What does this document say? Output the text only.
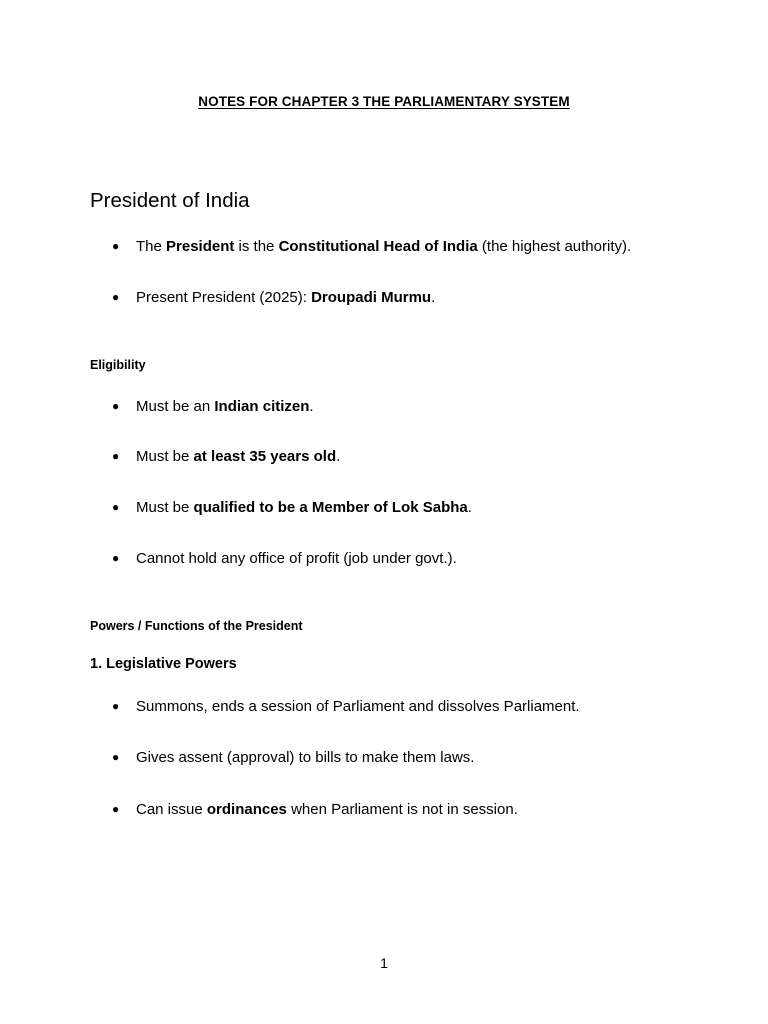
NOTES FOR CHAPTER 3 THE PARLIAMENTARY SYSTEM
President of India
● The President is the Constitutional Head of India (the highest authority).
● Present President (2025): Droupadi Murmu.
Eligibility
● Must be an Indian citizen.
● Must be at least 35 years old.
● Must be qualified to be a Member of Lok Sabha.
● Cannot hold any office of profit (job under govt.).
Powers / Functions of the President
1. Legislative Powers
● Summons, ends a session of Parliament and dissolves Parliament.
● Gives assent (approval) to bills to make them laws.
● Can issue ordinances when Parliament is not in session.
1
